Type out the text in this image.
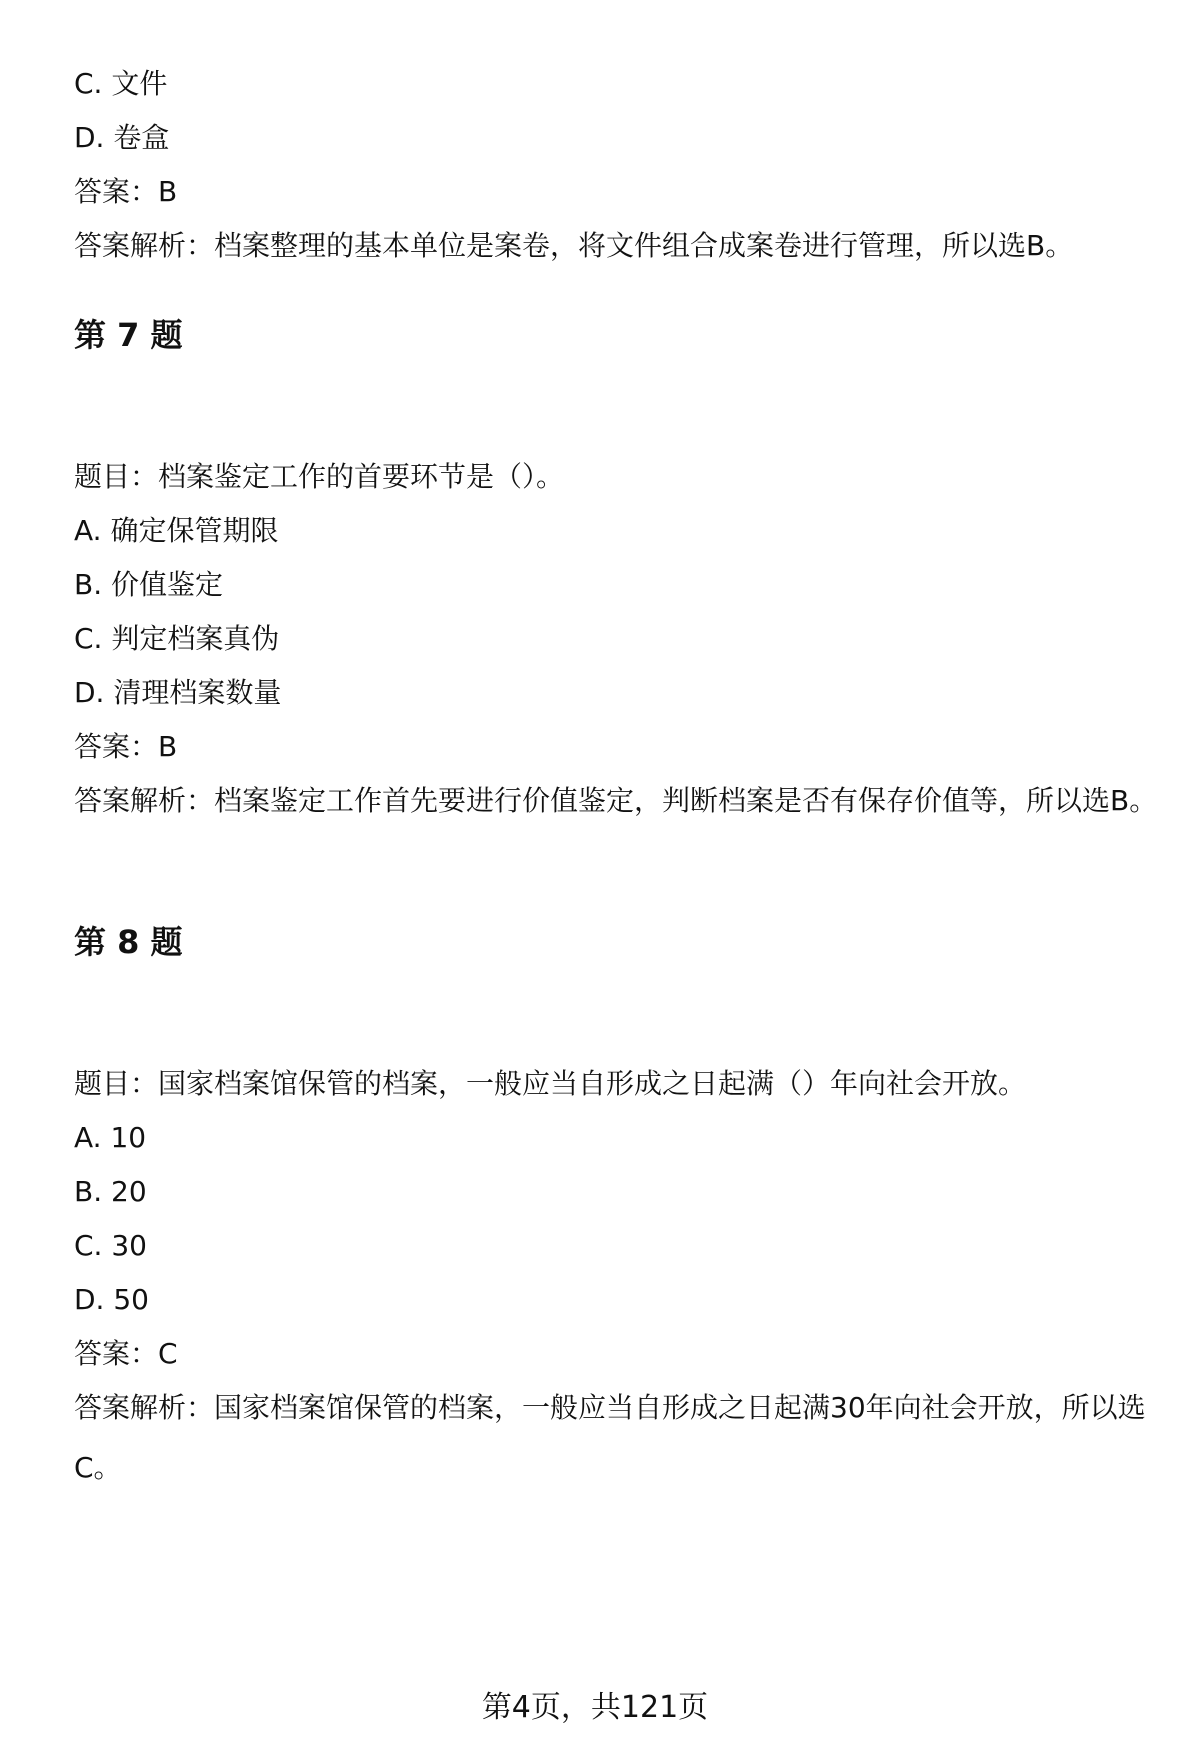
C. 文件
D. 卷盒
答案：B
答案解析：档案整理的基本单位是案卷，将文件组合成案卷进行管理，所以选B。
第 7 题
题目：档案鉴定工作的首要环节是（）。
A. 确定保管期限
B. 价值鉴定
C. 判定档案真伪
D. 清理档案数量
答案：B
答案解析：档案鉴定工作首先要进行价值鉴定，判断档案是否有保存价值等，所以选B。
第 8 题
题目：国家档案馆保管的档案，一般应当自形成之日起满（）年向社会开放。
A. 10
B. 20
C. 30
D. 50
答案：C
答案解析：国家档案馆保管的档案，一般应当自形成之日起满30年向社会开放，所以选C。
第4页，共121页
